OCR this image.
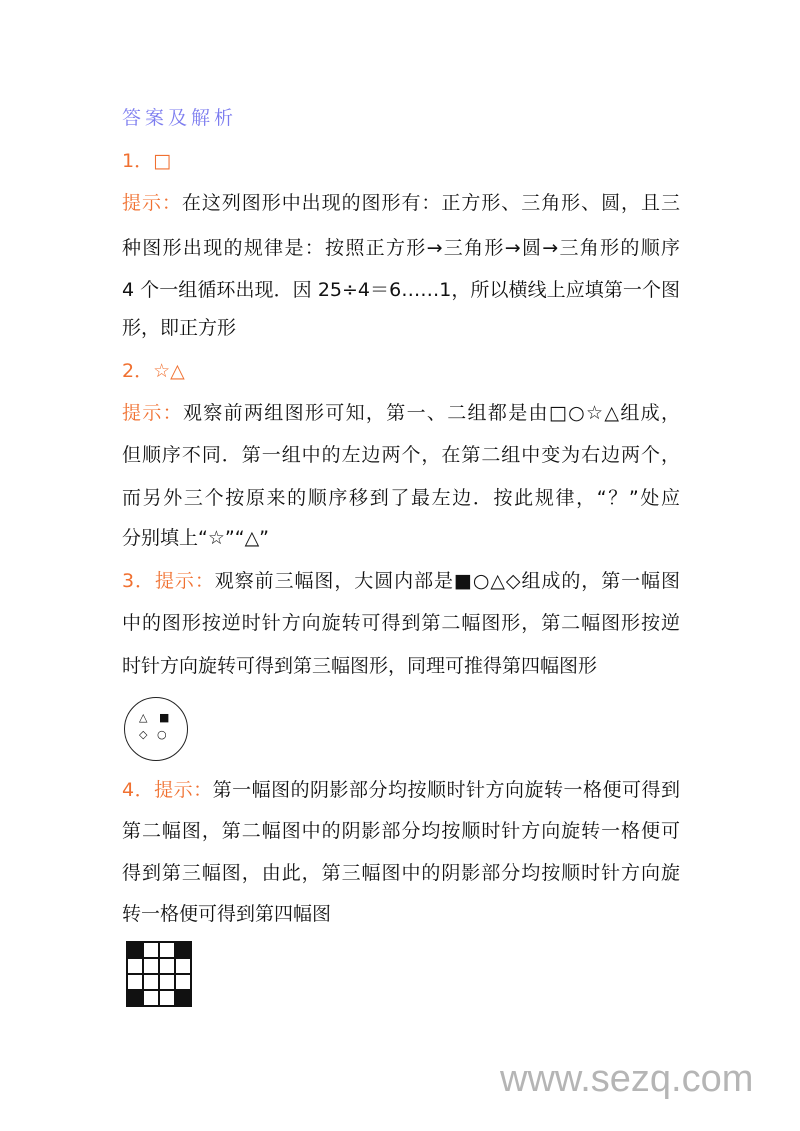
答案及解析
1．□
提示：在这列图形中出现的图形有：正方形、三角形、圆，且三
种图形出现的规律是：按照正方形→三角形→圆→三角形的顺序
4 个一组循环出现．因 25÷4＝6……1，所以横线上应填第一个图
形，即正方形
2．☆△
提示：观察前两组图形可知，第一、二组都是由□○☆△组成，
但顺序不同．第一组中的左边两个，在第二组中变为右边两个，
而另外三个按原来的顺序移到了最左边．按此规律，“？”处应
分别填上“☆”“△”
3．提示：观察前三幅图，大圆内部是■○△◇组成的，第一幅图
中的图形按逆时针方向旋转可得到第二幅图形，第二幅图形按逆
时针方向旋转可得到第三幅图形，同理可推得第四幅图形
△ ■
◇ ○
4．提示：第一幅图的阴影部分均按顺时针方向旋转一格便可得到
第二幅图，第二幅图中的阴影部分均按顺时针方向旋转一格便可
得到第三幅图，由此，第三幅图中的阴影部分均按顺时针方向旋
转一格便可得到第四幅图
www.sezq.com
